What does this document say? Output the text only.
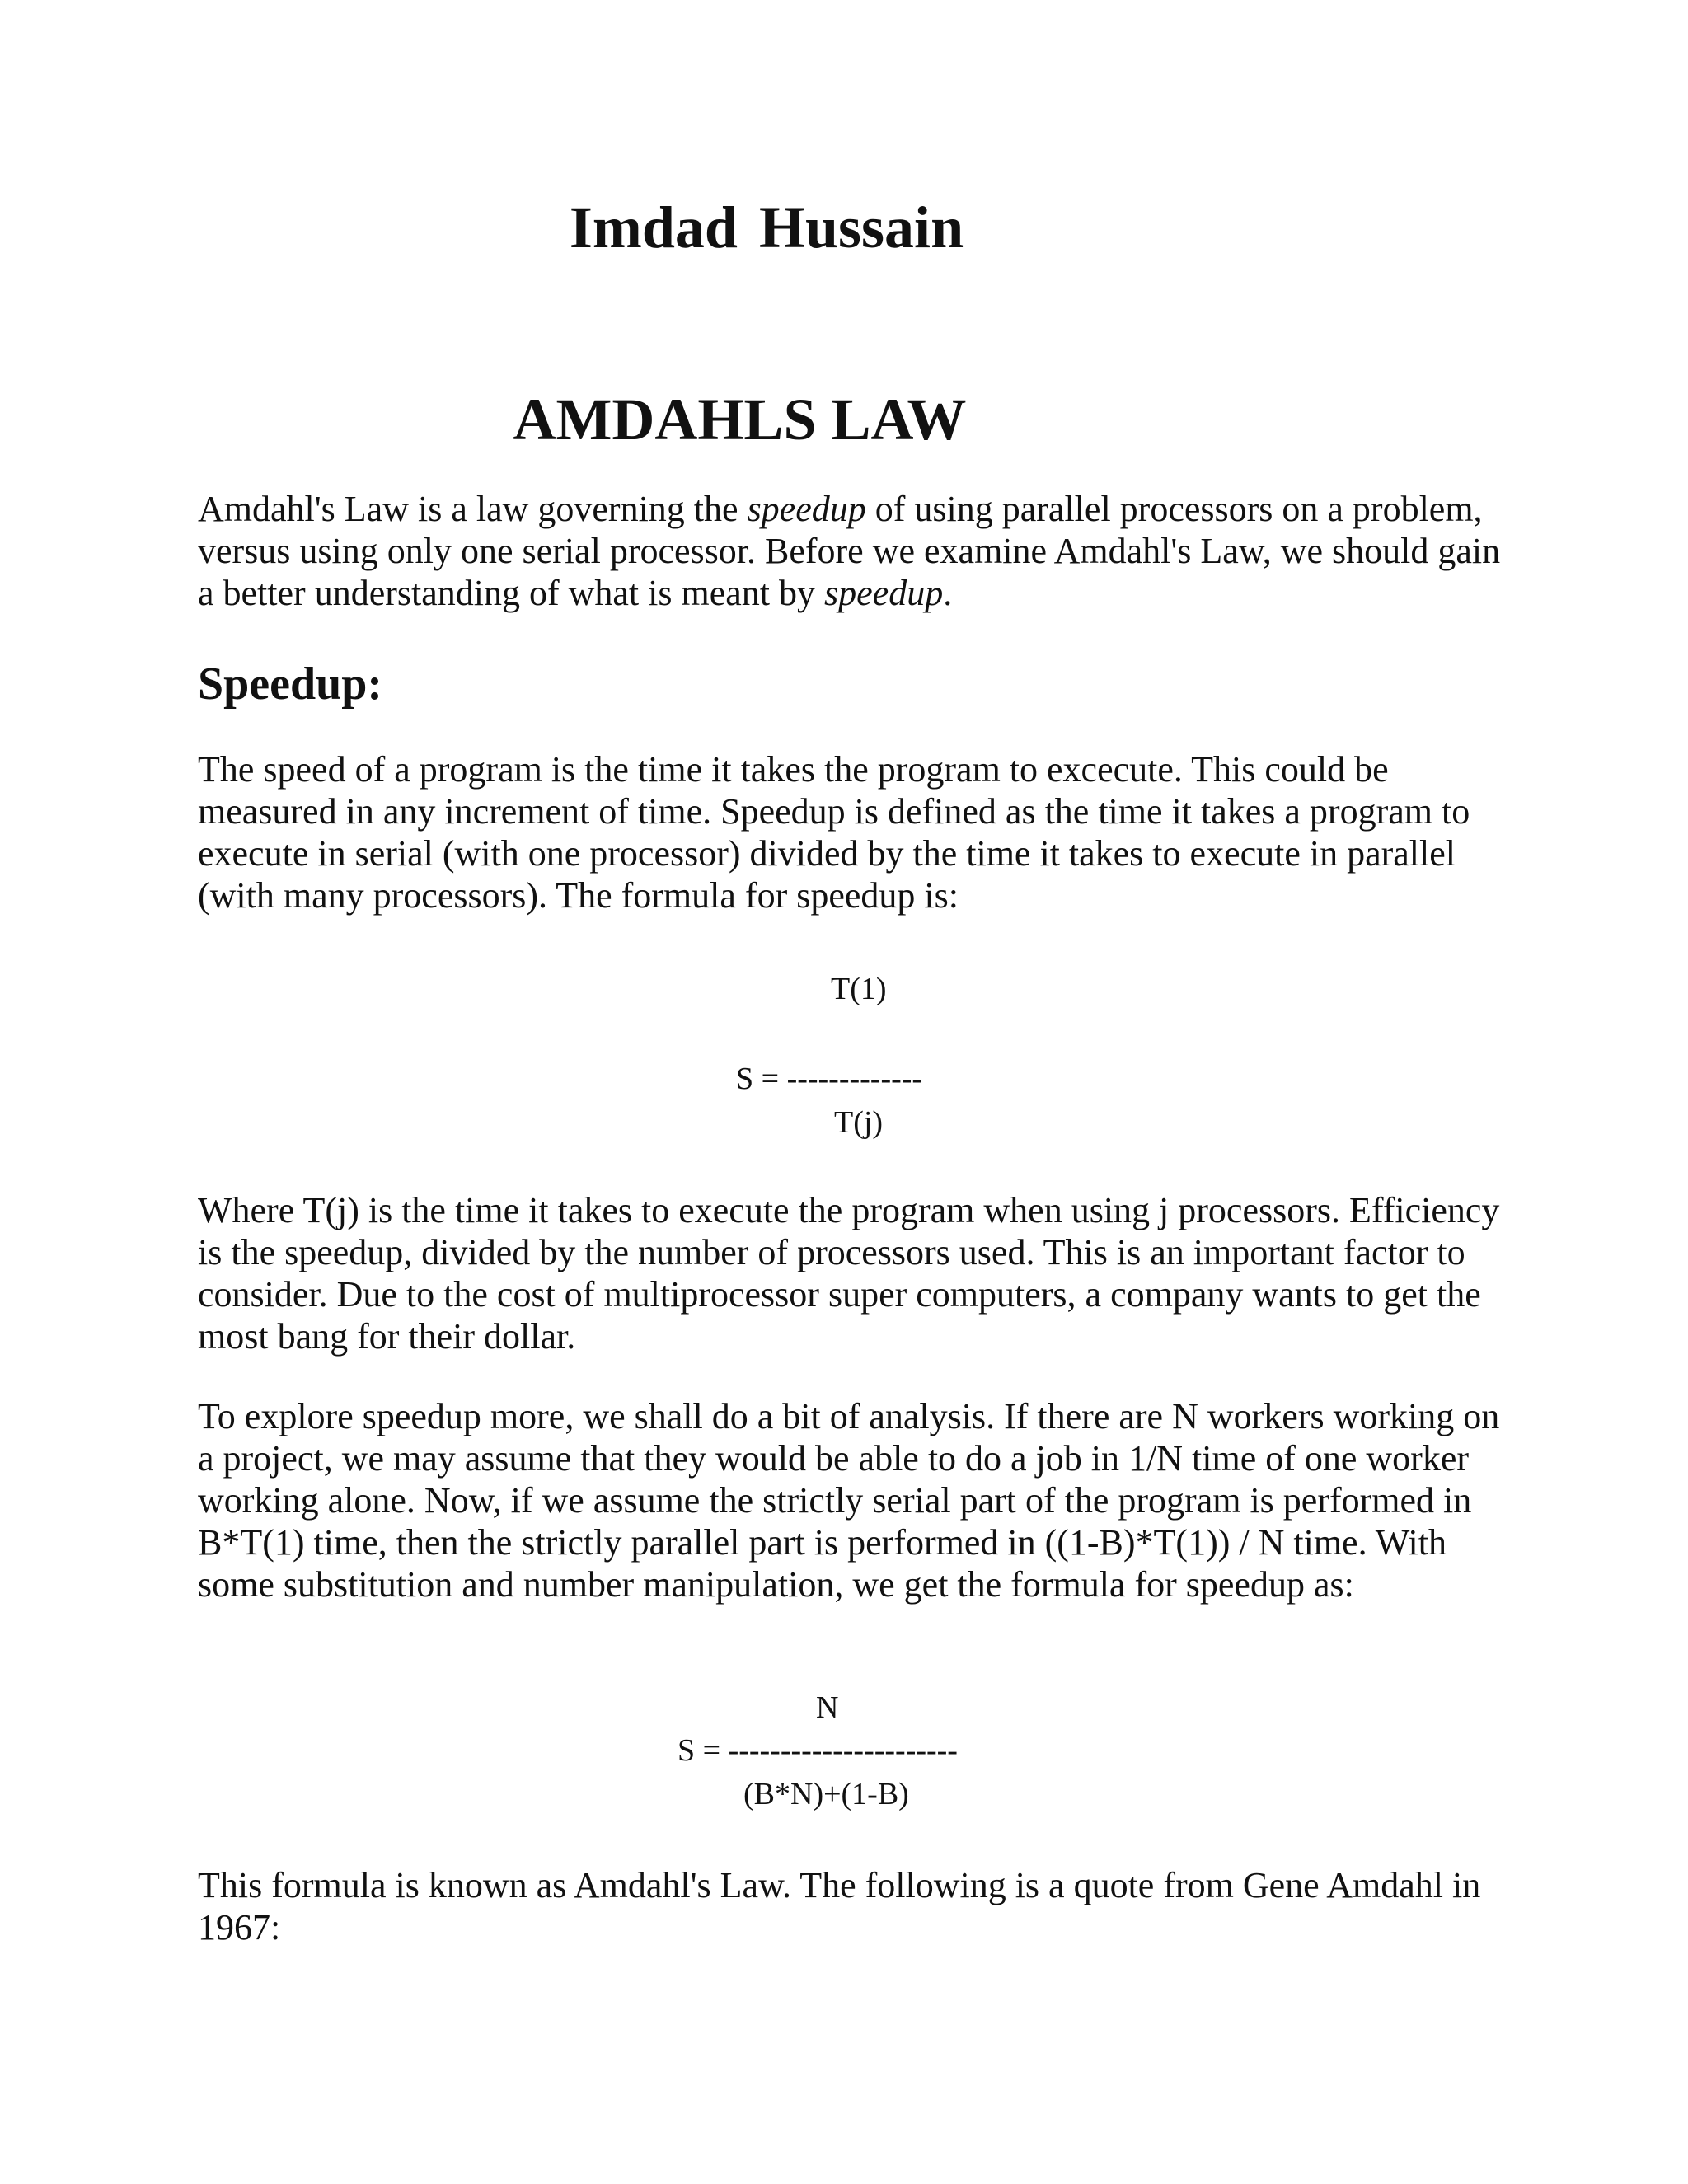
Imdad Hussain
AMDAHLS LAW

Amdahl's Law is a law governing the speedup of using parallel processors on a problem, versus using only one serial processor. Before we examine Amdahl's Law, we should gain a better understanding of what is meant by speedup.

Speedup:

The speed of a program is the time it takes the program to excecute. This could be measured in any increment of time. Speedup is defined as the time it takes a program to execute in serial (with one processor) divided by the time it takes to execute in parallel (with many processors). The formula for speedup is:

T(1)
S = -------------
T(j)

Where T(j) is the time it takes to execute the program when using j processors. Efficiency is the speedup, divided by the number of processors used. This is an important factor to consider. Due to the cost of multiprocessor super computers, a company wants to get the most bang for their dollar.

To explore speedup more, we shall do a bit of analysis. If there are N workers working on a project, we may assume that they would be able to do a job in 1/N time of one worker working alone. Now, if we assume the strictly serial part of the program is performed in B*T(1) time, then the strictly parallel part is performed in ((1-B)*T(1)) / N time. With some substitution and number manipulation, we get the formula for speedup as:

N
S = ----------------------
(B*N)+(1-B)

This formula is known as Amdahl's Law. The following is a quote from Gene Amdahl in 1967:
